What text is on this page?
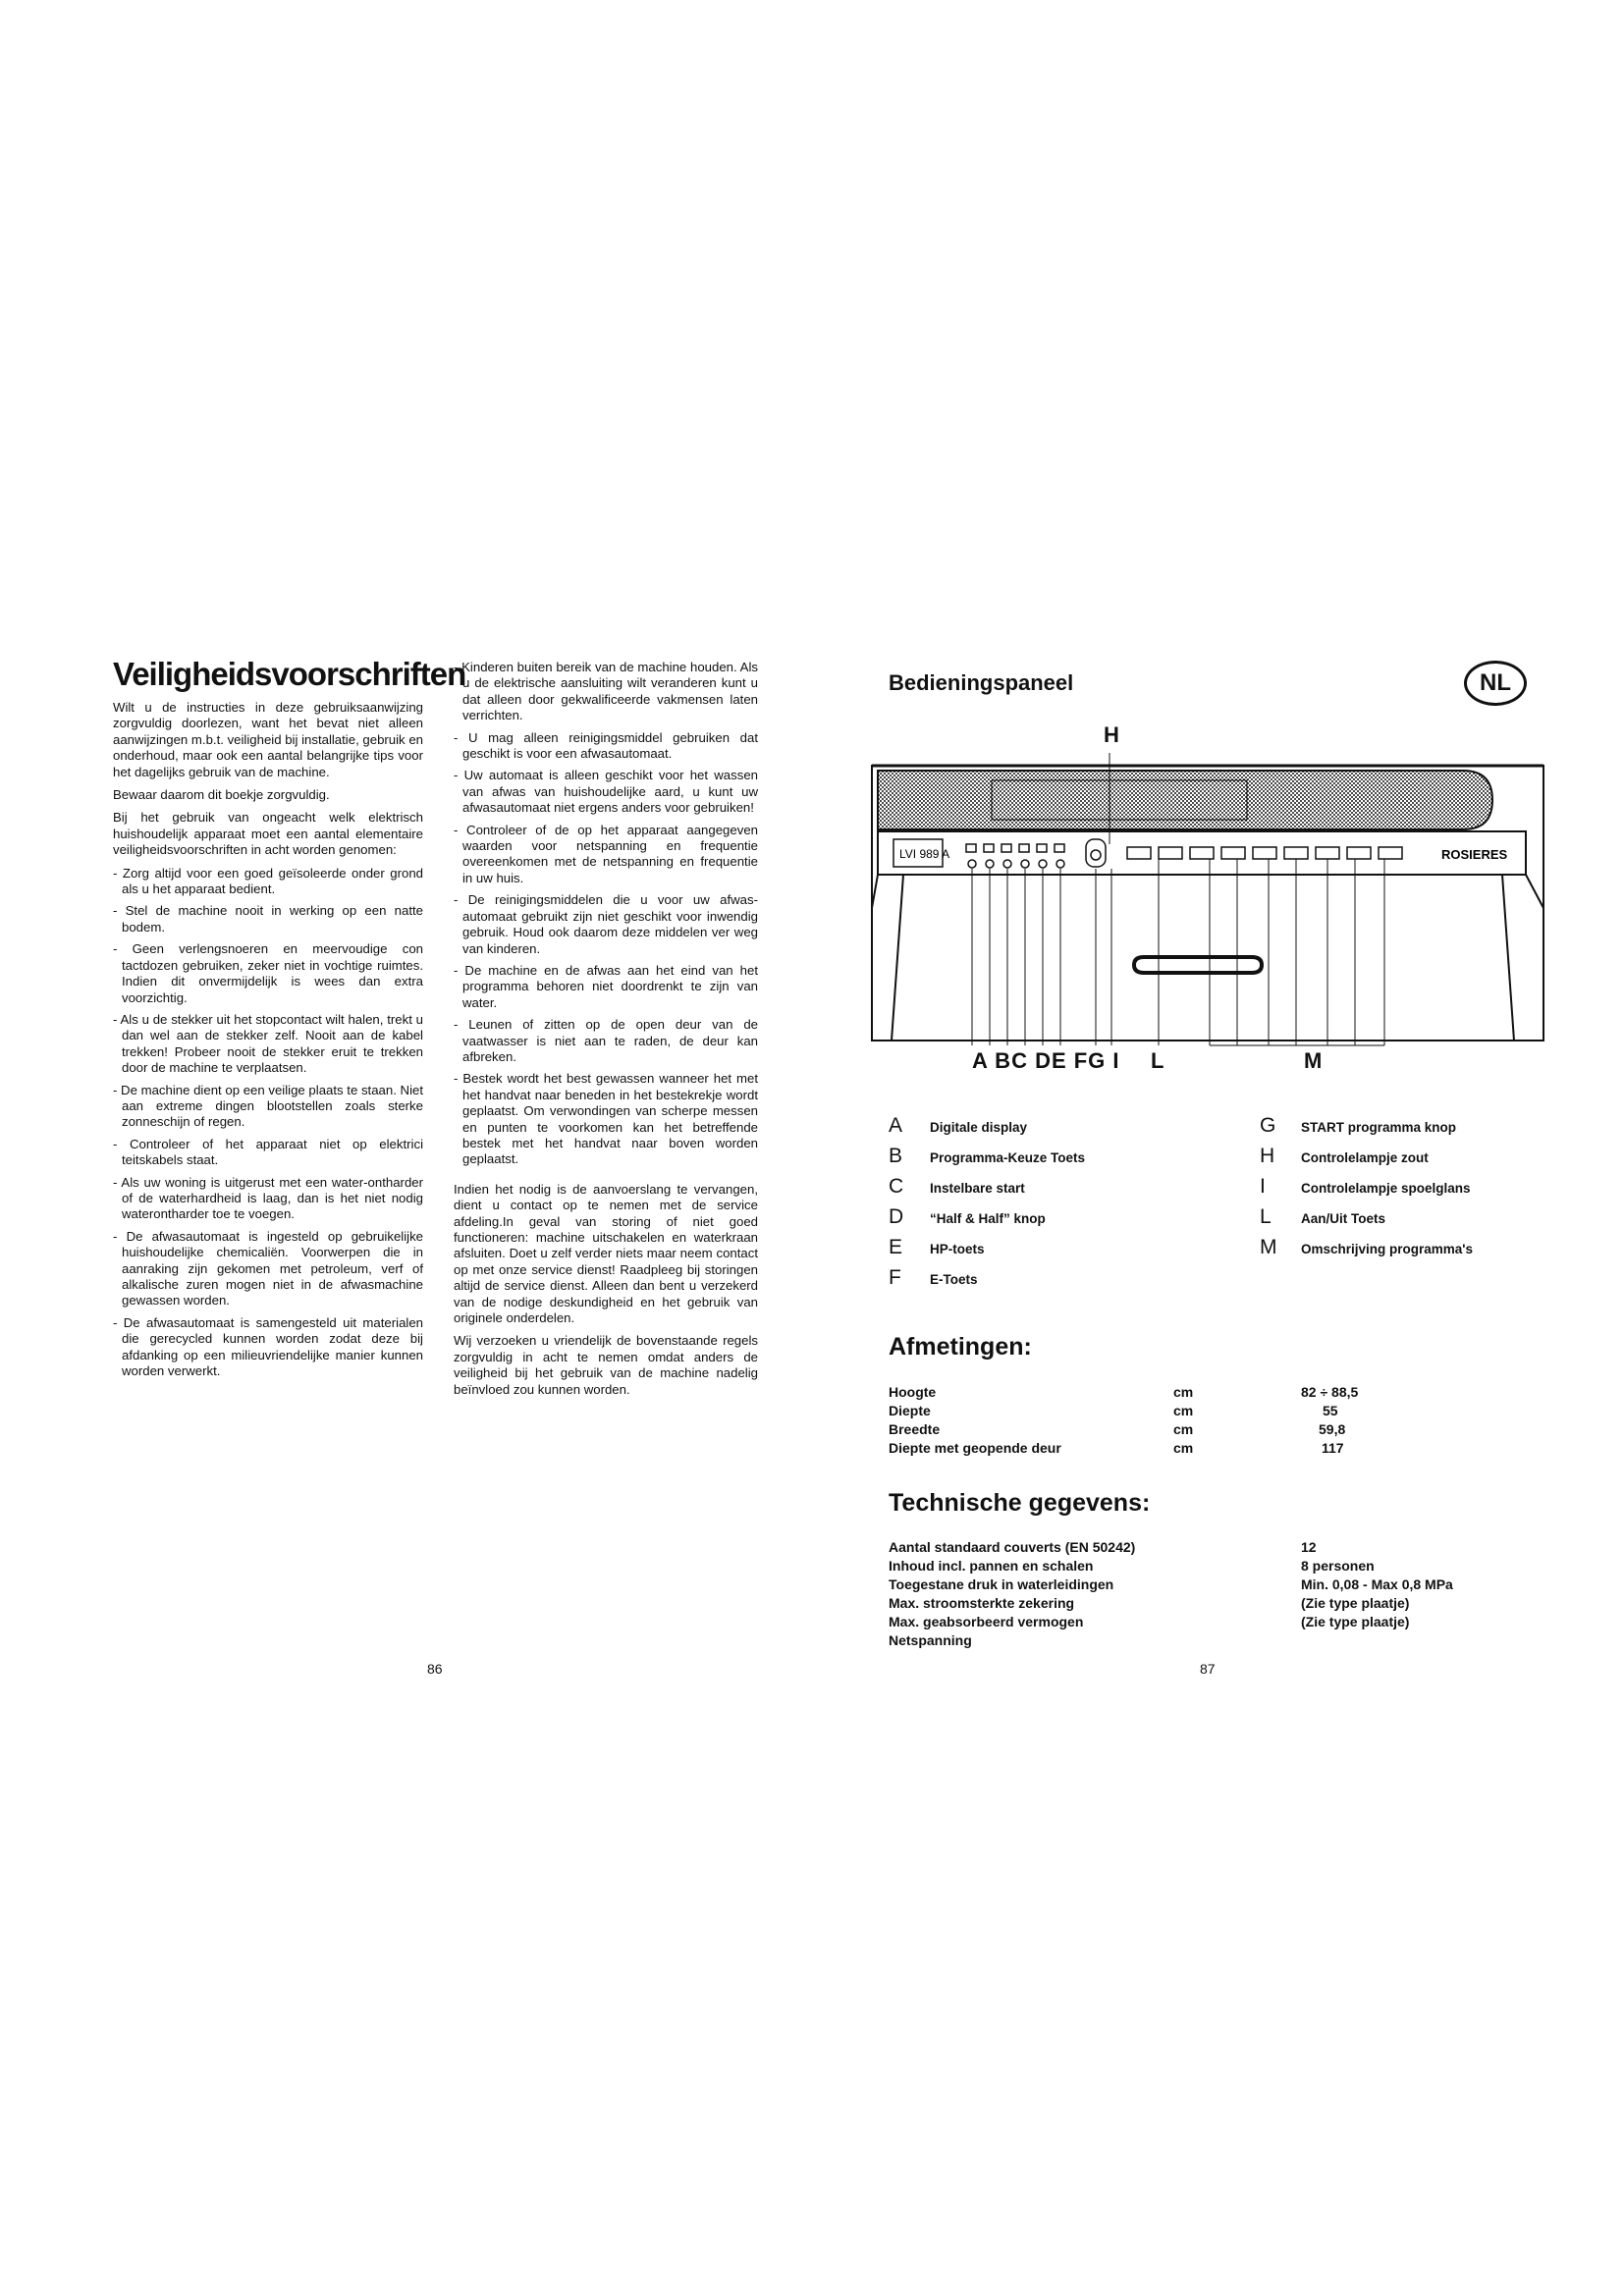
Veiligheidsvoorschriften

Wilt u de instructies in deze gebruiksaanwijzing zorgvuldig doorlezen, want het bevat niet alleen aanwijzingen m.b.t. veiligheid bij installatie, gebruik en onderhoud, maar ook een aantal belangrijke tips voor het dagelijks gebruik van de machine.

Bewaar daarom dit boekje zorgvuldig.

Bij het gebruik van ongeacht welk elektrisch huishoudelijk apparaat moet een aantal elementaire veiligheidsvoorschriften in acht worden genomen:

- Zorg altijd voor een goed geïsoleerde onder grond als u het apparaat bedient.
- Stel de machine nooit in werking op een natte bodem.
- Geen verlengsnoeren en meervoudige con tactdozen gebruiken, zeker niet in vochtige ruimtes. Indien dit onvermijdelijk is wees dan extra voorzichtig.
- Als u de stekker uit het stopcontact wilt halen, trekt u dan wel aan de stekker zelf. Nooit aan de kabel trekken! Probeer nooit de stekker eruit te trekken door de machine te verplaatsen.
- De machine dient op een veilige plaats te staan. Niet aan extreme dingen blootstellen zoals sterke zonneschijn of regen.
- Controleer of het apparaat niet op elektrici teitskabels staat.
- Als uw woning is uitgerust met een water-ontharder of de waterhardheid is laag, dan is het niet nodig waterontharder toe te voegen.
- De afwasautomaat is ingesteld op gebruikelijke huishoudelijke chemicaliën. Voorwerpen die in aanraking zijn gekomen met petroleum, verf of alkalische zuren mogen niet in de afwasmachine gewassen worden.
- De afwasautomaat is samengesteld uit materialen die gerecycled kunnen worden zodat deze bij afdanking op een milieuvriendelijke manier kunnen worden verwerkt.
- Kinderen buiten bereik van de machine houden. Als u de elektrische aansluiting wilt veranderen kunt u dat alleen door gekwalificeerde vakmensen laten verrichten.
- U mag alleen reinigingsmiddel gebruiken dat geschikt is voor een afwasautomaat.
- Uw automaat is alleen geschikt voor het wassen van afwas van huishoudelijke aard, u kunt uw afwasautomaat niet ergens anders voor gebruiken!
- Controleer of de op het apparaat aangegeven waarden voor netspanning en frequentie overeenkomen met de netspanning en frequentie in uw huis.
- De reinigingsmiddelen die u voor uw afwas-automaat gebruikt zijn niet geschikt voor inwendig gebruik. Houd ook daarom deze middelen ver weg van kinderen.
- De machine en de afwas aan het eind van het programma behoren niet doordrenkt te zijn van water.
- Leunen of zitten op de open deur van de vaatwasser is niet aan te raden, de deur kan afbreken.
- Bestek wordt het best gewassen wanneer het met het handvat naar beneden in het bestekrekje wordt geplaatst. Om verwondingen van scherpe messen en punten te voorkomen kan het betreffende bestek met het handvat naar boven worden geplaatst.

Indien het nodig is de aanvoerslang te vervangen, dient u contact op te nemen met de service afdeling.In geval van storing of niet goed functioneren: machine uitschakelen en waterkraan afsluiten. Doet u zelf verder niets maar neem contact op met onze service dienst! Raadpleeg bij storingen altijd de service dienst. Alleen dan bent u verzekerd van de nodige deskundigheid en het gebruik van originele onderdelen.

Wij verzoeken u vriendelijk de bovenstaande regels zorgvuldig in acht te nemen omdat anders de veiligheid bij het gebruik van de machine nadelig beïnvloed zou kunnen worden.

86
Bedieningspaneel	NL
LVI 989 A	ROSIERES
H
A BC DE FG I L	M
A	Digitale display
B	Programma-Keuze Toets
C	Instelbare start
D	“Half & Half” knop
E	HP-toets
F	E-Toets
G	START programma knop
H	Controlelampje zout
I	Controlelampje spoelglans
L	Aan/Uit Toets
M	Omschrijving programma's
Afmetingen:
Hoogte	cm	82 ÷ 88,5
Diepte	cm	55
Breedte	cm	59,8
Diepte met geopende deur	cm	117
Technische gegevens:
Aantal standaard couverts (EN 50242)	12
Inhoud incl. pannen en schalen	8 personen
Toegestane druk in waterleidingen	Min. 0,08 - Max 0,8 MPa
Max. stroomsterkte zekering	(Zie type plaatje)
Max. geabsorbeerd vermogen	(Zie type plaatje)
Netspanning
87
